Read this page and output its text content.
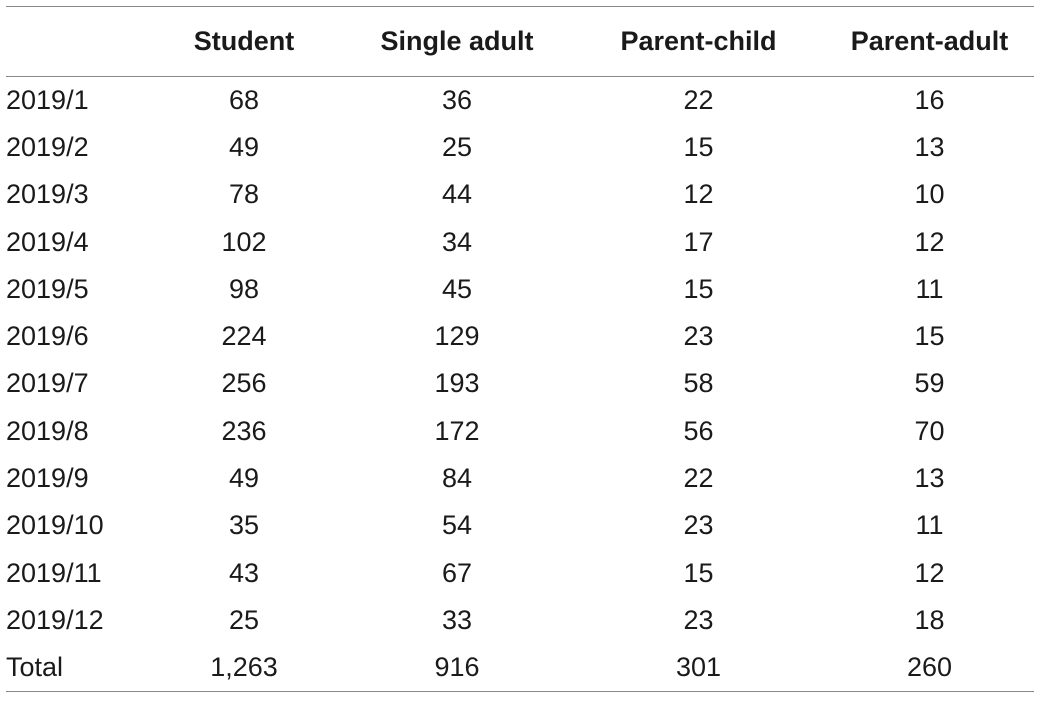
	Student	Single adult	Parent-child	Parent-adult
2019/1	68	36	22	16
2019/2	49	25	15	13
2019/3	78	44	12	10
2019/4	102	34	17	12
2019/5	98	45	15	11
2019/6	224	129	23	15
2019/7	256	193	58	59
2019/8	236	172	56	70
2019/9	49	84	22	13
2019/10	35	54	23	11
2019/11	43	67	15	12
2019/12	25	33	23	18
Total	1,263	916	301	260
